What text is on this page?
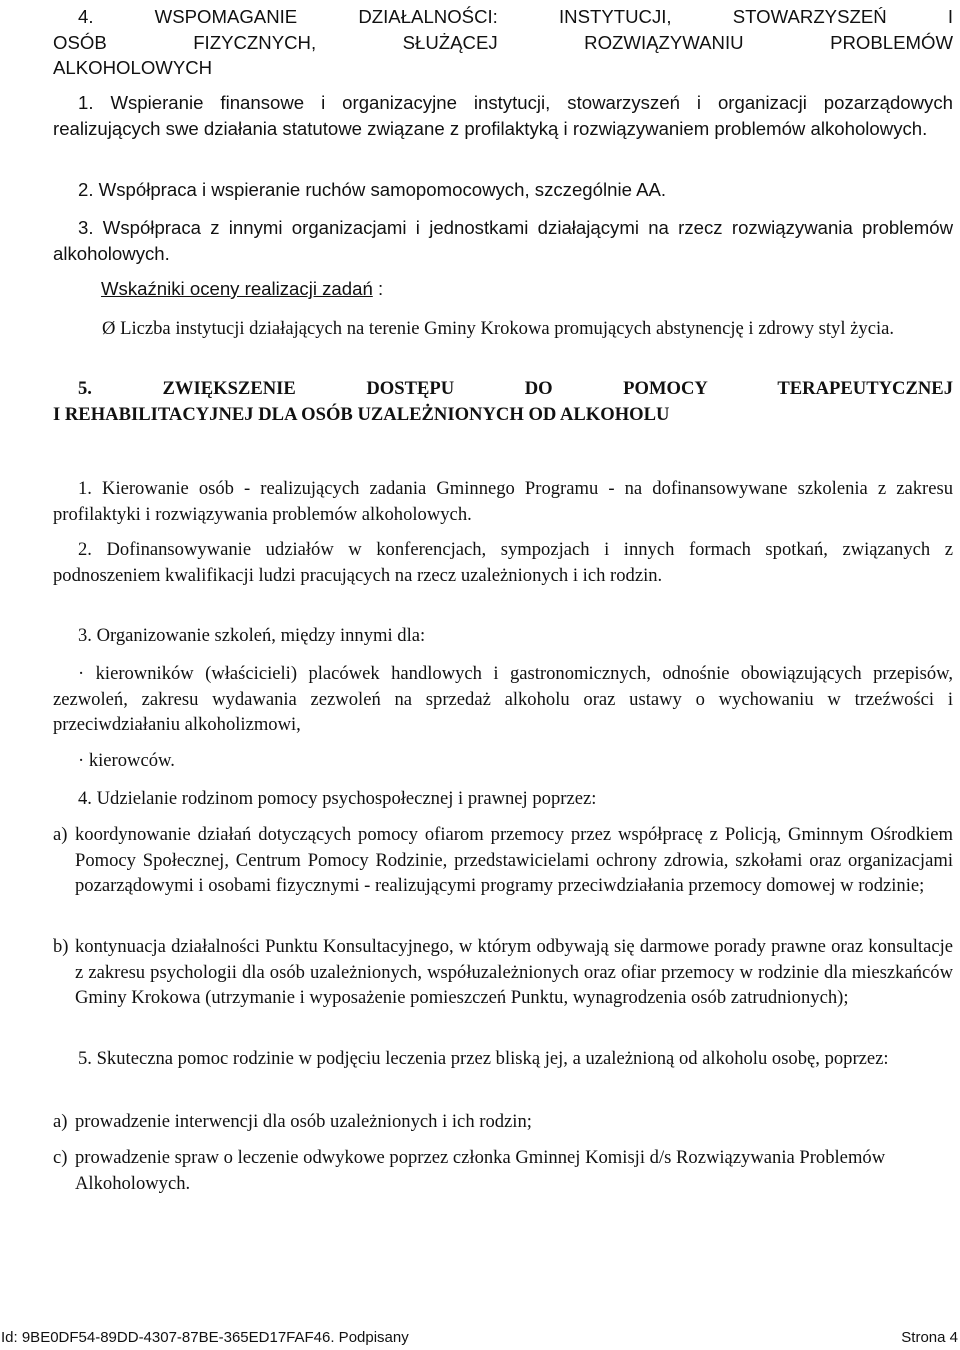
4. WSPOMAGANIE	DZIAŁALNOŚCI:	INSTYTUCJI,	STOWARZYSZEŃ	I
OSÓB FIZYCZNYCH,	SŁUŻĄCEJ	ROZWIĄZYWANIU	PROBLEMÓW
ALKOHOLOWYCH
1. Wspieranie finansowe i organizacyjne instytucji, stowarzyszeń i organizacji pozarządowych realizujących swe działania statutowe związane z profilaktyką i rozwiązywaniem problemów alkoholowych.
2. Współpraca i wspieranie ruchów samopomocowych, szczególnie AA.
3. Współpraca z innymi organizacjami i jednostkami działającymi na rzecz rozwiązywania problemów alkoholowych.
Wskaźniki oceny realizacji zadań :
Ø Liczba instytucji działających na terenie Gminy Krokowa promujących abstynencję i zdrowy styl życia.
5. ZWIĘKSZENIE	DOSTĘPU	DO	POMOCY	TERAPEUTYCZNEJ
I REHABILITACYJNEJ DLA OSÓB UZALEŻNIONYCH OD ALKOHOLU
1. Kierowanie osób - realizujących zadania Gminnego Programu - na dofinansowywane szkolenia z zakresu profilaktyki i rozwiązywania problemów alkoholowych.
2. Dofinansowywanie udziałów w konferencjach, sympozjach i innych formach spotkań, związanych z podnoszeniem kwalifikacji ludzi pracujących na rzecz uzależnionych i ich rodzin.
3. Organizowanie szkoleń, między innymi dla:
· kierowników (właścicieli) placówek handlowych i gastronomicznych, odnośnie obowiązujących przepisów, zezwoleń, zakresu wydawania zezwoleń na sprzedaż alkoholu oraz ustawy o wychowaniu w trzeźwości i przeciwdziałaniu alkoholizmowi,
· kierowców.
4. Udzielanie rodzinom pomocy psychospołecznej i prawnej poprzez:
a) koordynowanie działań dotyczących pomocy ofiarom przemocy przez współpracę z Policją, Gminnym Ośrodkiem Pomocy Społecznej, Centrum Pomocy Rodzinie, przedstawicielami ochrony zdrowia, szkołami oraz organizacjami pozarządowymi i osobami fizycznymi - realizującymi programy przeciwdziałania przemocy domowej w rodzinie;
b) kontynuacja działalności Punktu Konsultacyjnego, w którym odbywają się darmowe porady prawne oraz konsultacje z zakresu psychologii dla osób uzależnionych, współuzależnionych oraz ofiar przemocy w rodzinie dla mieszkańców Gminy Krokowa (utrzymanie i wyposażenie pomieszczeń Punktu, wynagrodzenia osób zatrudnionych);
5. Skuteczna pomoc rodzinie w podjęciu leczenia przez bliską jej, a uzależnioną od alkoholu osobę, poprzez:
a) prowadzenie interwencji dla osób uzależnionych i ich rodzin;
c) prowadzenie spraw o leczenie odwykowe poprzez członka Gminnej Komisji d/s Rozwiązywania Problemów Alkoholowych.
Id: 9BE0DF54-89DD-4307-87BE-365ED17FAF46. Podpisany	Strona 4
